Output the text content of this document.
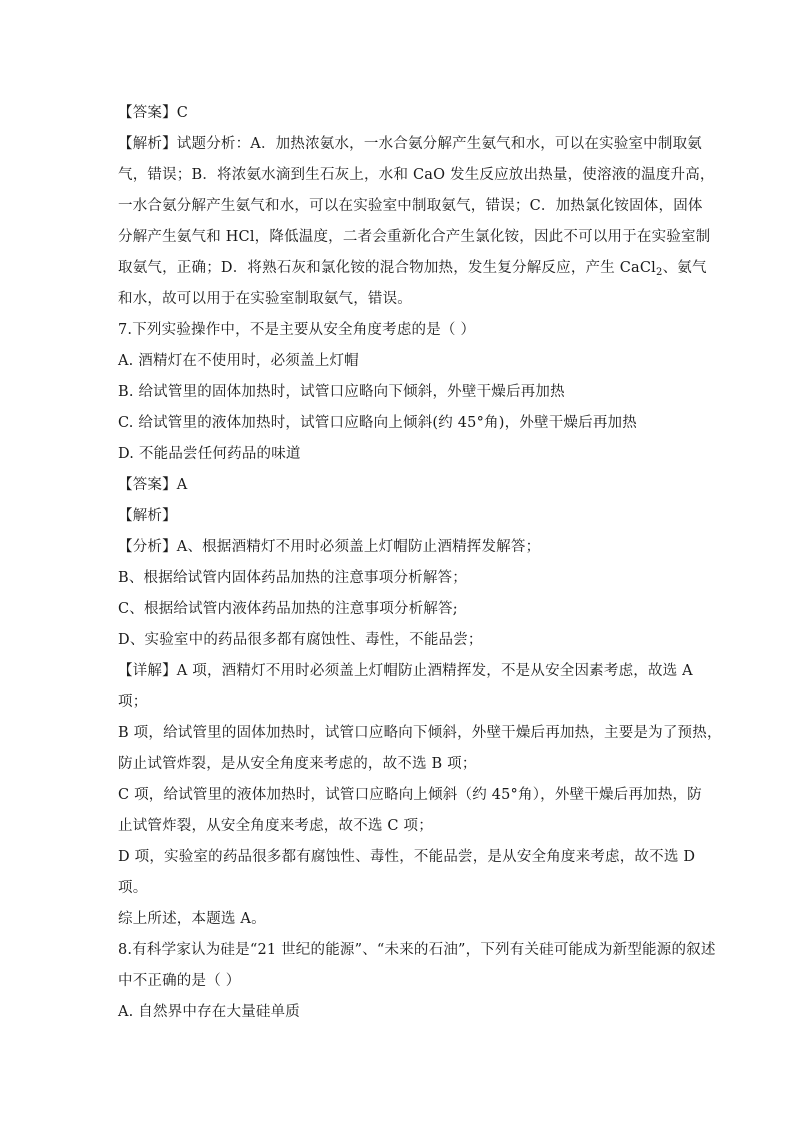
【答案】C
【解析】试题分析：A．加热浓氨水，一水合氨分解产生氨气和水，可以在实验室中制取氨
气，错误；B．将浓氨水滴到生石灰上，水和 CaO 发生反应放出热量，使溶液的温度升高，
一水合氨分解产生氨气和水，可以在实验室中制取氨气，错误；C．加热氯化铵固体，固体
分解产生氨气和 HCl，降低温度，二者会重新化合产生氯化铵，因此不可以用于在实验室制
取氨气，正确；D．将熟石灰和氯化铵的混合物加热，发生复分解反应，产生 CaCl$_2$、氨气
和水，故可以用于在实验室制取氨气，错误。
7.下列实验操作中，不是主要从安全角度考虑的是（ ）
A. 酒精灯在不使用时，必须盖上灯帽
B. 给试管里的固体加热时，试管口应略向下倾斜，外壁干燥后再加热
C. 给试管里的液体加热时，试管口应略向上倾斜(约 45°角)，外壁干燥后再加热
D. 不能品尝任何药品的味道
【答案】A
【解析】
【分析】A、根据酒精灯不用时必须盖上灯帽防止酒精挥发解答；
B、根据给试管内固体药品加热的注意事项分析解答；
C、根据给试管内液体药品加热的注意事项分析解答;
D、实验室中的药品很多都有腐蚀性、毒性，不能品尝；
【详解】A 项，酒精灯不用时必须盖上灯帽防止酒精挥发，不是从安全因素考虑，故选 A
项；
B 项，给试管里的固体加热时，试管口应略向下倾斜，外壁干燥后再加热，主要是为了预热，
防止试管炸裂，是从安全角度来考虑的，故不选 B 项；
C 项，给试管里的液体加热时，试管口应略向上倾斜（约 45°角），外壁干燥后再加热，防
止试管炸裂，从安全角度来考虑，故不选 C 项；
D 项，实验室的药品很多都有腐蚀性、毒性，不能品尝，是从安全角度来考虑，故不选 D
项。
综上所述，本题选 A。
8.有科学家认为硅是“21 世纪的能源”、“未来的石油”，下列有关硅可能成为新型能源的叙述
中不正确的是（ ）
A. 自然界中存在大量硅单质
